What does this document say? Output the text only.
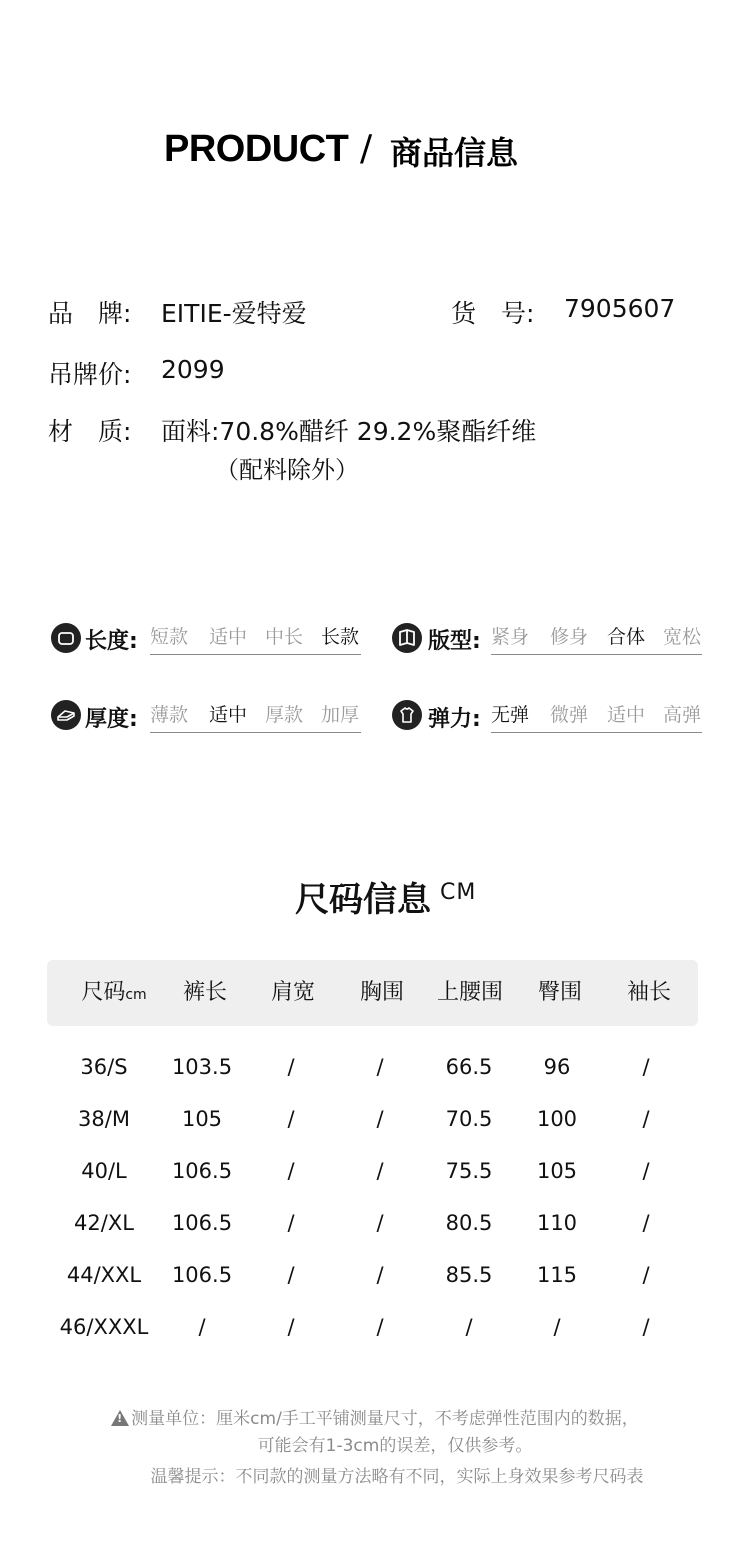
PRODUCT / 商品信息
品　牌: EITIE-爱特爱	货　号: 7905607
吊牌价: 2099
材　质: 面料:70.8%醋纤 29.2%聚酯纤维
（配料除外）
长度: 短款	适中 中长 长款	版型: 紧身	修身 合体 宽松
厚度: 薄款	适中 厚款 加厚	弹力: 无弹	微弹 适中 高弹
尺码信息 CM
尺码cm	裤长	肩宽	胸围	上腰围	臀围	袖长
36/S	103.5	/	/	66.5	96	/
38/M	105	/	/	70.5	100	/
40/L	106.5	/	/	75.5	105	/
42/XL	106.5	/	/	80.5	110	/
44/XXL	106.5	/	/	85.5	115	/
46/XXXL	/	/	/	/	/	/
!测量单位：厘米cm/手工平铺测量尺寸，不考虑弹性范围内的数据，
可能会有1-3cm的误差，仅供参考。
温馨提示：不同款的测量方法略有不同，实际上身效果参考尺码表
